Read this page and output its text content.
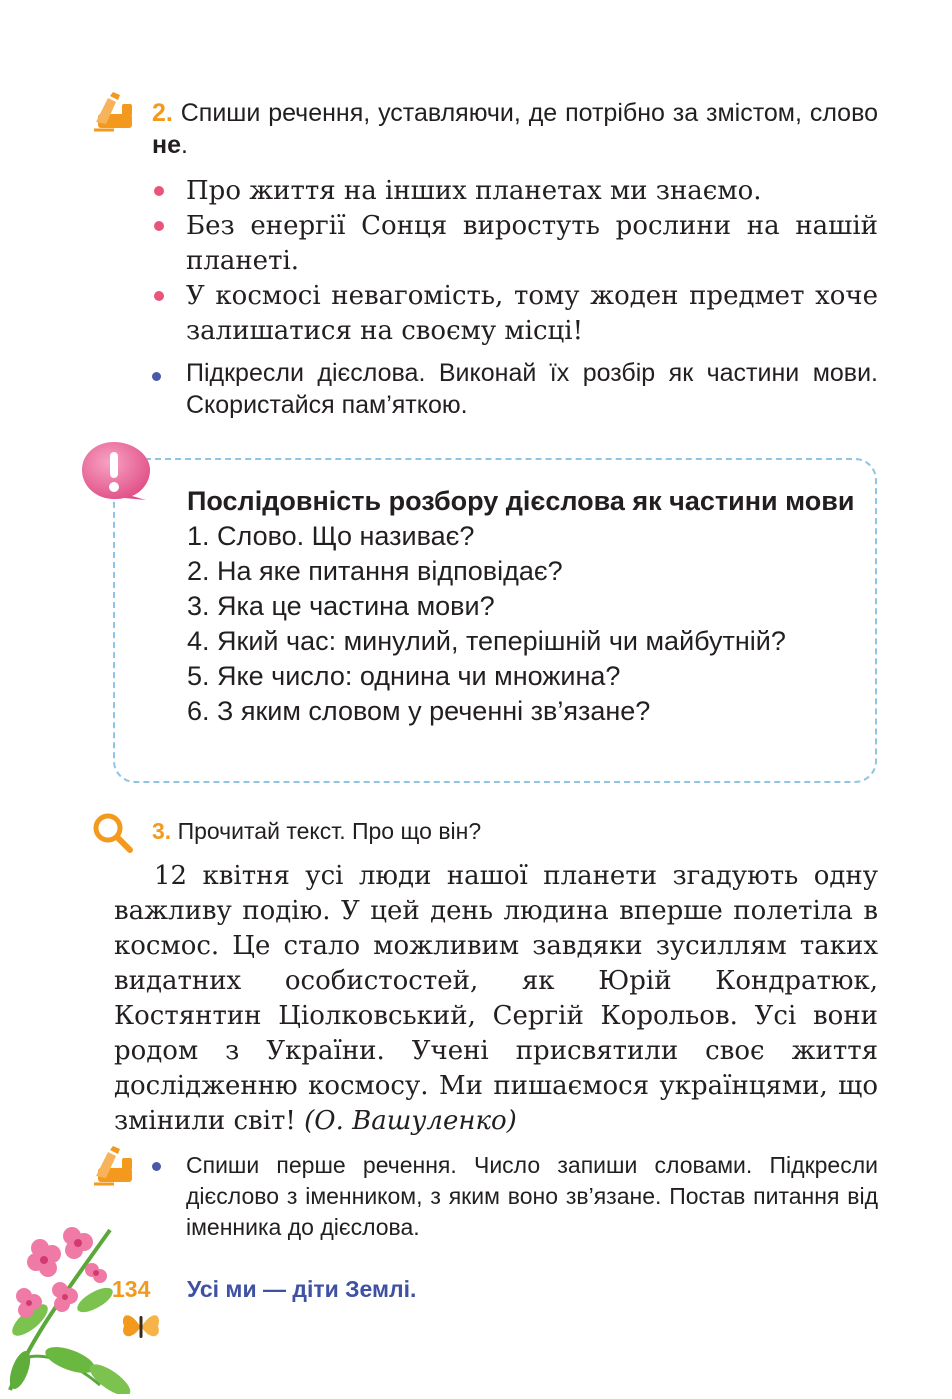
2. Спиши речення, уставляючи, де потрібно за змістом, слово не.
Про життя на інших планетах ми знаємо.
Без енергії Сонця виростуть рослини на нашій планеті.
У космосі невагомість, тому жоден предмет хоче залишатися на своєму місці!
Підкресли дієслова. Виконай їх розбір як частини мови. Скористайся пам’яткою.
Послідовність розбору дієслова як частини мови
1. Слово. Що називає?
2. На яке питання відповідає?
3. Яка це частина мови?
4. Який час: минулий, теперішній чи майбутній?
5. Яке число: однина чи множина?
6. З яким словом у реченні зв’язане?
3. Прочитай текст. Про що він?
12 квітня усі люди нашої планети згадують одну важливу подію. У цей день людина вперше полетіла в космос. Це стало можливим завдяки зусиллям таких видатних особистостей, як Юрій Кондратюк, Костянтин Ціолковський, Сергій Корольов. Усі вони родом з України. Учені присвятили своє життя дослідженню космосу. Ми пишаємося українцями, що змінили світ! (О. Вашуленко)
Спиши перше речення. Число запиши словами. Підкресли дієслово з іменником, з яким воно зв’язане. Постав питання від іменника до дієслова.
134 Усі ми — діти Землі.
